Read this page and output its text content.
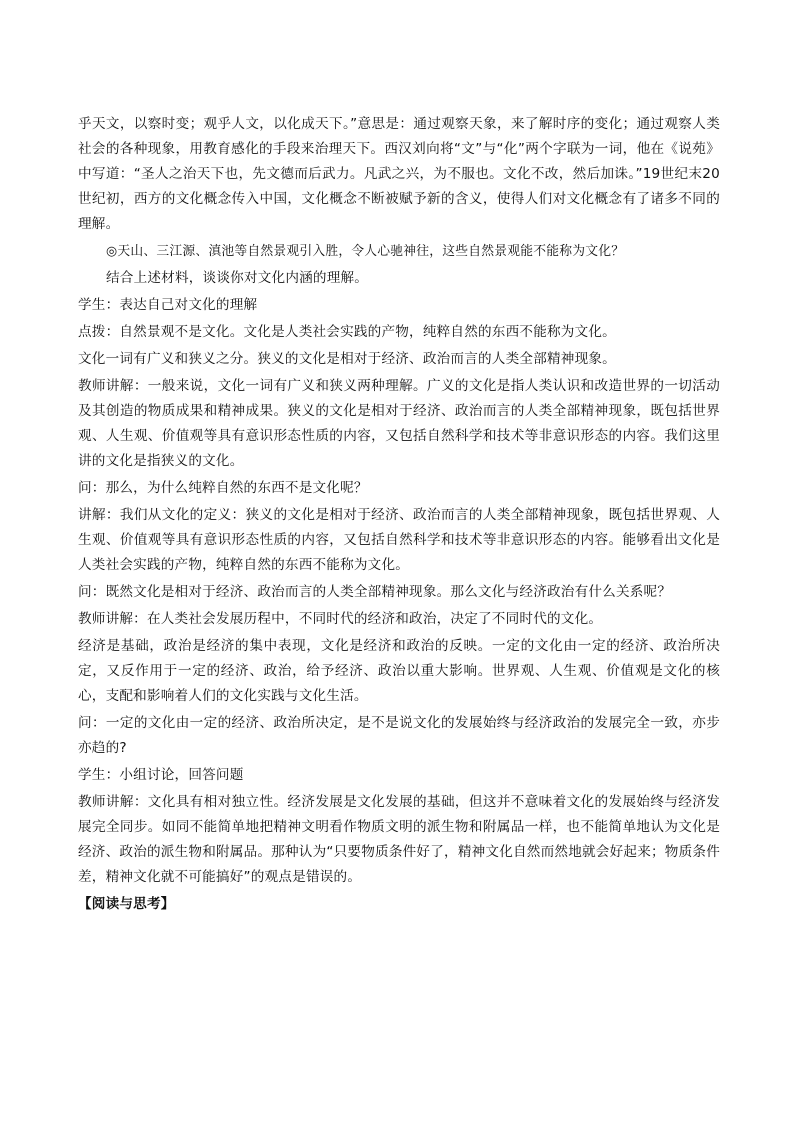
乎天文，以察时变；观乎人文，以化成天下。”意思是：通过观察天象，来了解时序的变化；通过观察人类社会的各种现象，用教育感化的手段来治理天下。西汉刘向将“文”与“化”两个字联为一词，他在《说苑》中写道：“圣人之治天下也，先文德而后武力。凡武之兴，为不服也。文化不改，然后加诛。”19世纪末20世纪初，西方的文化概念传入中国，文化概念不断被赋予新的含义，使得人们对文化概念有了诸多不同的理解。

◎天山、三江源、滇池等自然景观引入胜，令人心驰神往，这些自然景观能不能称为文化？

结合上述材料，谈谈你对文化内涵的理解。

学生：表达自己对文化的理解

点拨：自然景观不是文化。文化是人类社会实践的产物，纯粹自然的东西不能称为文化。

文化一词有广义和狭义之分。狭义的文化是相对于经济、政治而言的人类全部精神现象。

教师讲解：一般来说，文化一词有广义和狭义两种理解。广义的文化是指人类认识和改造世界的一切活动及其创造的物质成果和精神成果。狭义的文化是相对于经济、政治而言的人类全部精神现象，既包括世界观、人生观、价值观等具有意识形态性质的内容，又包括自然科学和技术等非意识形态的内容。我们这里讲的文化是指狭义的文化。

问：那么，为什么纯粹自然的东西不是文化呢？

讲解：我们从文化的定义：狭义的文化是相对于经济、政治而言的人类全部精神现象，既包括世界观、人生观、价值观等具有意识形态性质的内容，又包括自然科学和技术等非意识形态的内容。能够看出文化是人类社会实践的产物，纯粹自然的东西不能称为文化。

问：既然文化是相对于经济、政治而言的人类全部精神现象。那么文化与经济政治有什么关系呢？

教师讲解：在人类社会发展历程中，不同时代的经济和政治，决定了不同时代的文化。

经济是基础，政治是经济的集中表现，文化是经济和政治的反映。一定的文化由一定的经济、政治所决定，又反作用于一定的经济、政治，给予经济、政治以重大影响。世界观、人生观、价值观是文化的核心，支配和影响着人们的文化实践与文化生活。

问：一定的文化由一定的经济、政治所决定，是不是说文化的发展始终与经济政治的发展完全一致，亦步亦趋的?

学生：小组讨论，回答问题

教师讲解：文化具有相对独立性。经济发展是文化发展的基础，但这并不意味着文化的发展始终与经济发展完全同步。如同不能简单地把精神文明看作物质文明的派生物和附属品一样，也不能简单地认为文化是经济、政治的派生物和附属品。那种认为“只要物质条件好了，精神文化自然而然地就会好起来；物质条件差，精神文化就不可能搞好”的观点是错误的。

【阅读与思考】
